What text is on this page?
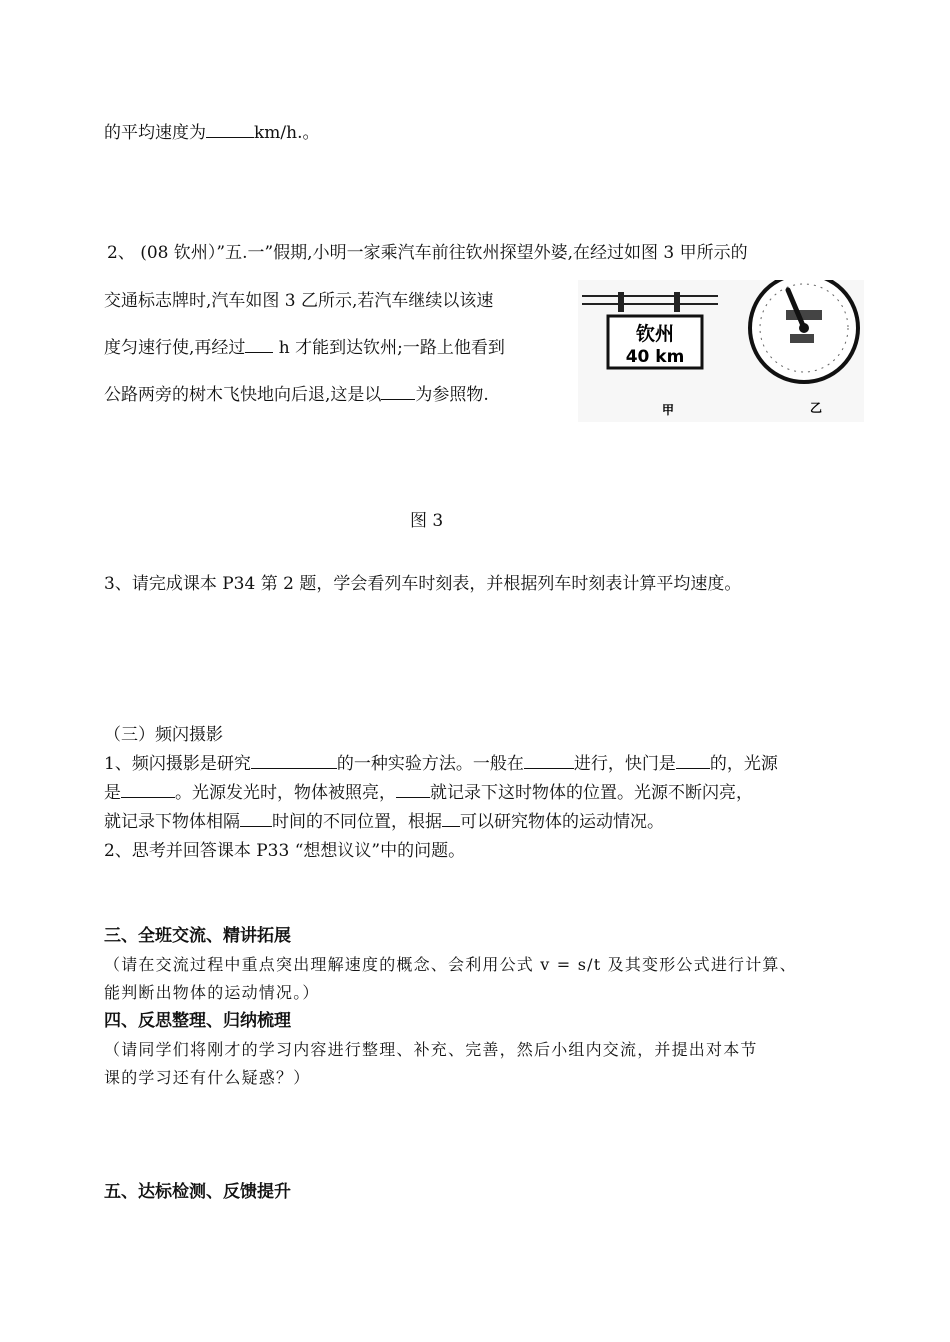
的平均速度为	km/h.。
2、 (08 钦州）”五.一”假期,小明一家乘汽车前往钦州探望外婆,在经过如图 3 甲所示的
交通标志牌时,汽车如图 3 乙所示,若汽车继续以该速
度匀速行使,再经过 h 才能到达钦州;一路上他看到
公路两旁的树木飞快地向后退,这是以 为参照物.
钦州
40 km
甲	乙
图 3
3、请完成课本 P34 第 2 题，学会看列车时刻表，并根据列车时刻表计算平均速度。
（三）频闪摄影
1、频闪摄影是研究	的一种实验方法。一般在	进行，快门是 的，光源
是	。光源发光时，物体被照亮， 就记录下这时物体的位置。光源不断闪亮，
就记录下物体相隔 时间的不同位置，根据 可以研究物体的运动情况。
2、思考并回答课本 P33 “想想议议”中的问题。
三、全班交流、精讲拓展
（请在交流过程中重点突出理解速度的概念、会利用公式 v = s/t 及其变形公式进行计算、
能判断出物体的运动情况。）
四、反思整理、归纳梳理
（请同学们将刚才的学习内容进行整理、补充、完善，然后小组内交流，并提出对本节
课的学习还有什么疑惑？）
五、达标检测、反馈提升
